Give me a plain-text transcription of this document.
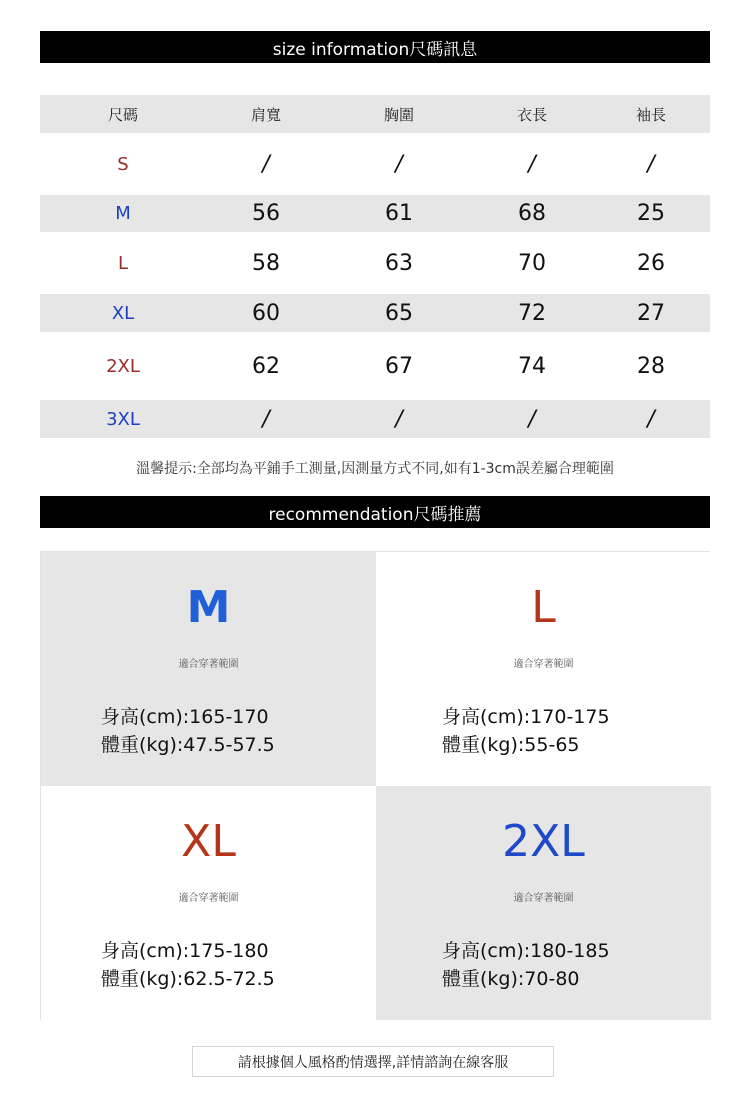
size information尺碼訊息
尺碼	肩寬	胸圍	衣長	袖長
S	/	/	/	/
M	56	61	68	25
L	58	63	70	26
XL	60	65	72	27
2XL	62	67	74	28
3XL	/	/	/	/
溫馨提示:全部均為平鋪手工測量,因測量方式不同,如有1-3cm誤差屬合理範圍
recommendation尺碼推薦
M
適合穿著範圍
身高(cm):165-170
體重(kg):47.5-57.5
L
適合穿著範圍
身高(cm):170-175
體重(kg):55-65
XL
適合穿著範圍
身高(cm):175-180
體重(kg):62.5-72.5
2XL
適合穿著範圍
身高(cm):180-185
體重(kg):70-80
請根據個人風格酌情選擇,詳情諮詢在線客服
